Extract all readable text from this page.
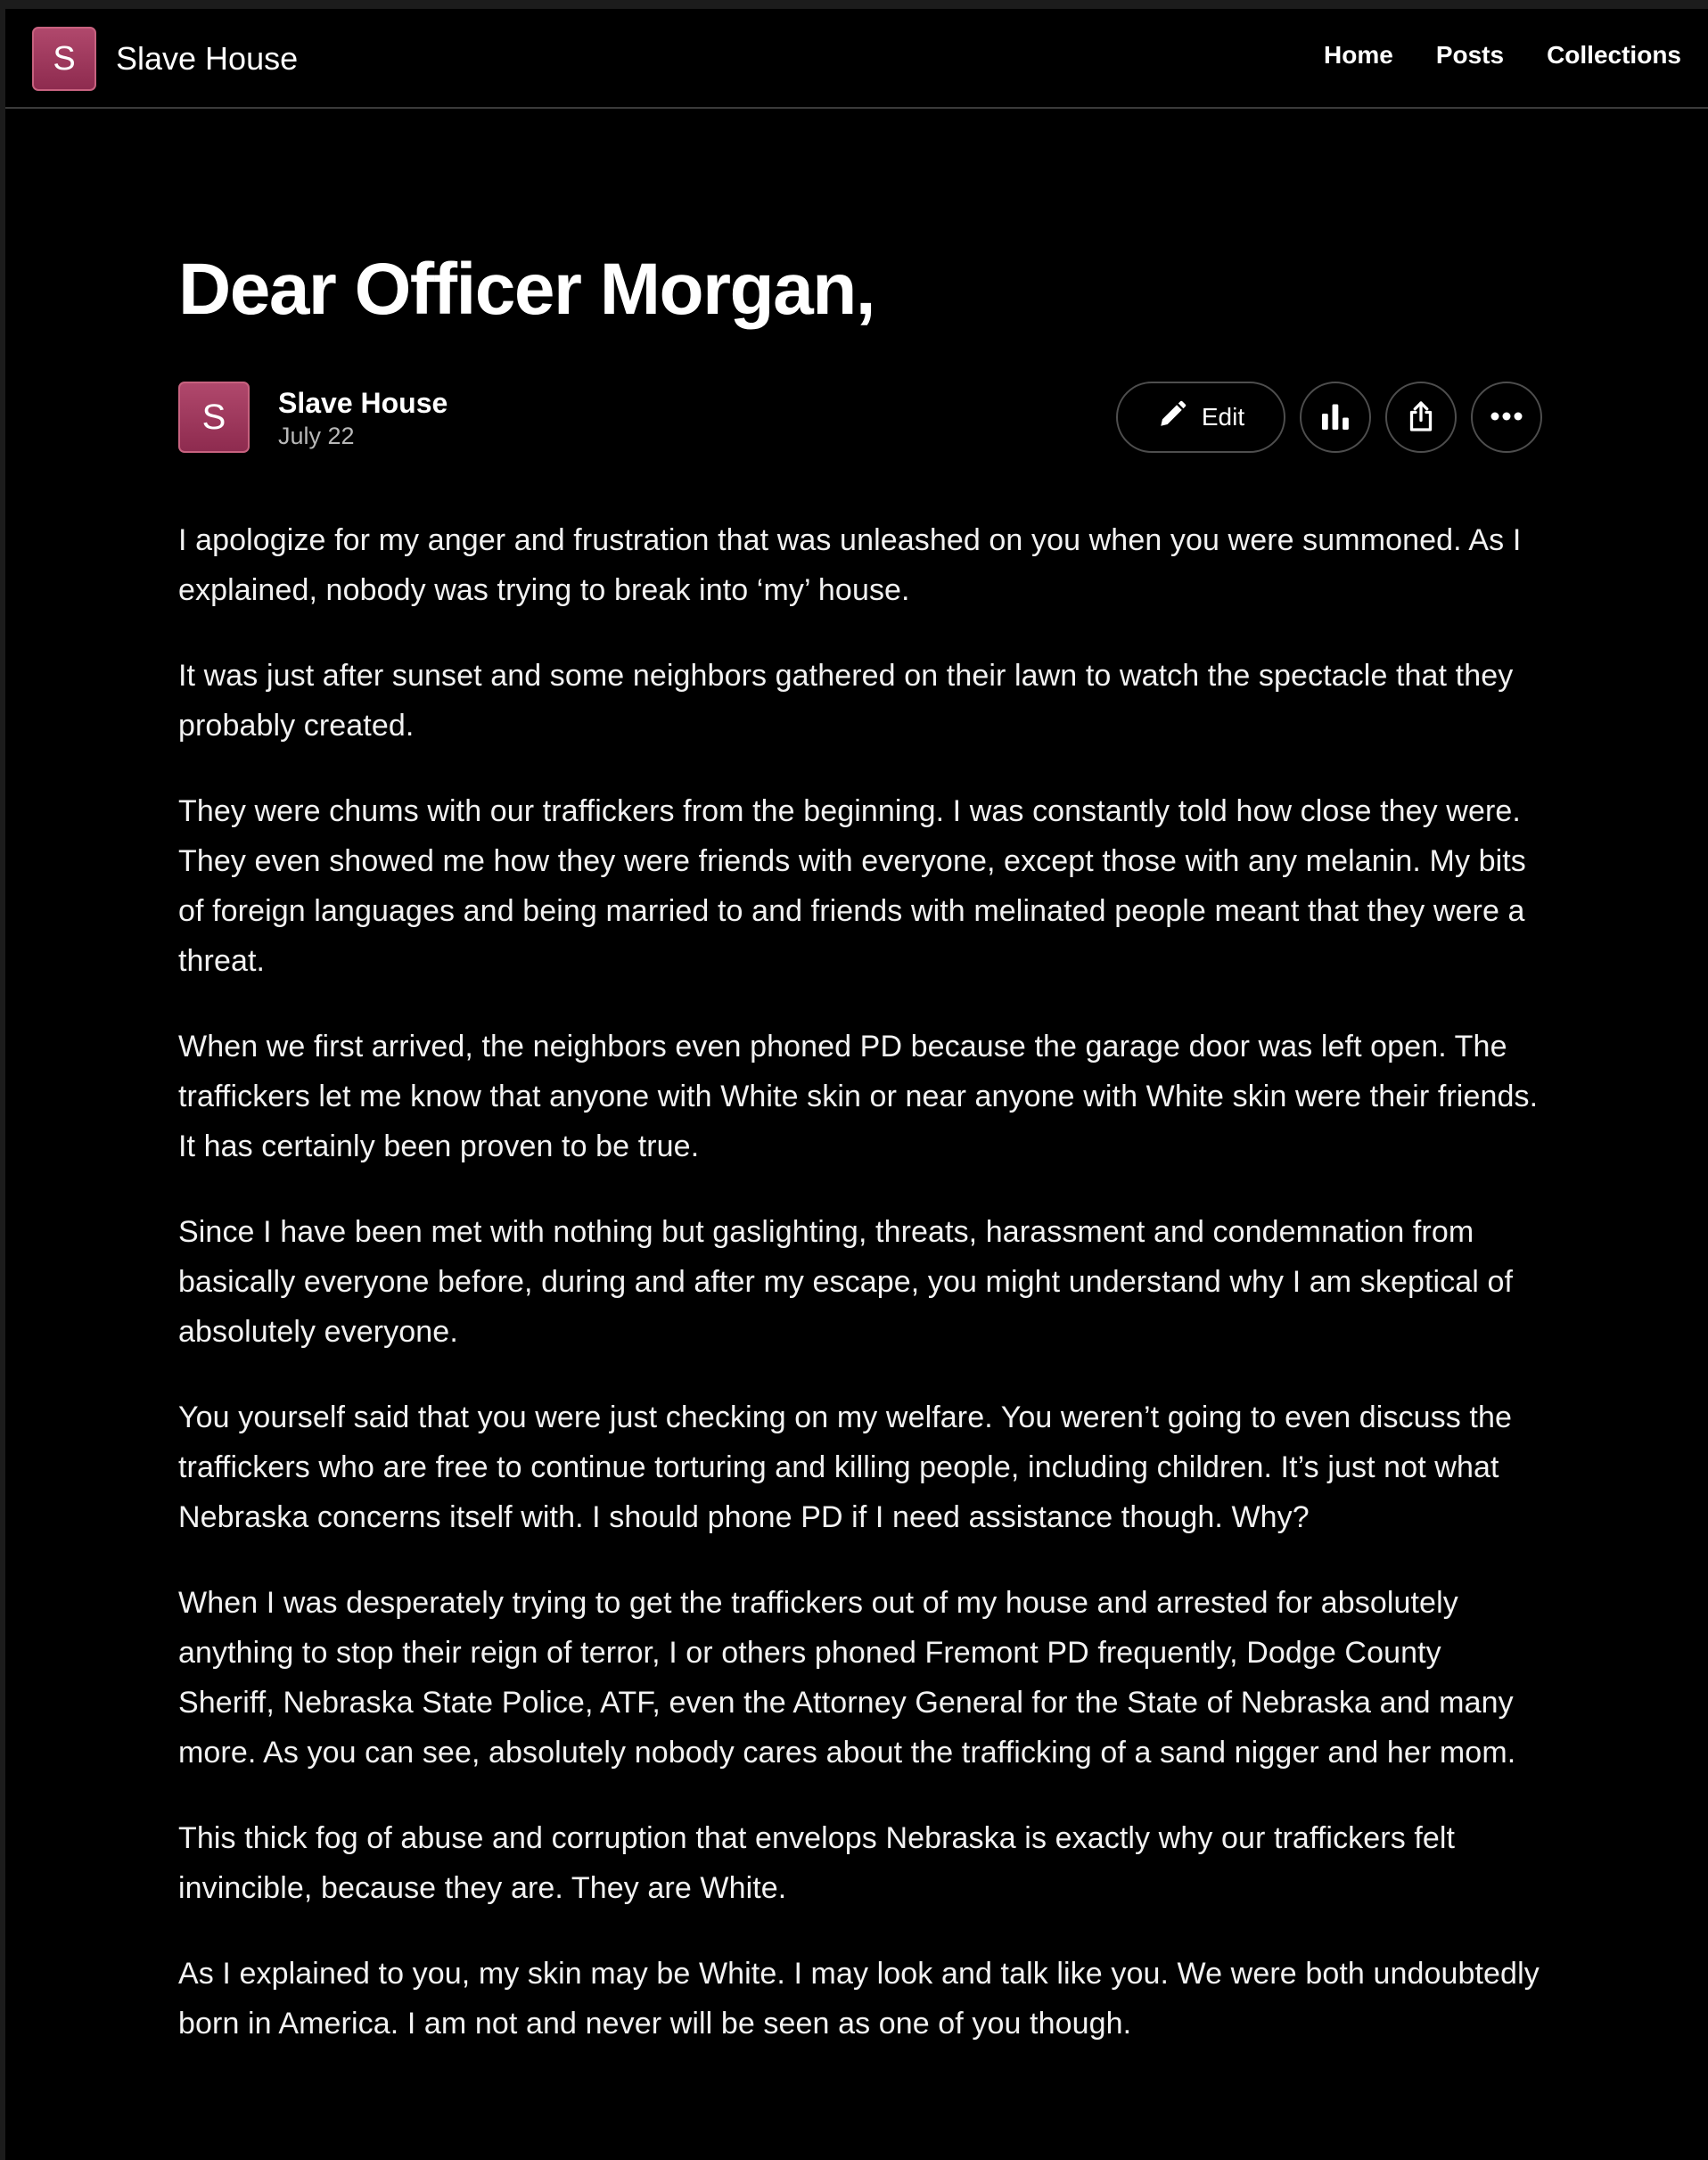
S	Slave House	Home Posts Collections
Dear Officer Morgan,
S	Slave House
July 22
Edit

I apologize for my anger and frustration that was unleashed on you when you were summoned. As I explained, nobody was trying to break into ‘my’ house.

It was just after sunset and some neighbors gathered on their lawn to watch the spectacle that they probably created.

They were chums with our traffickers from the beginning. I was constantly told how close they were. They even showed me how they were friends with everyone, except those with any melanin. My bits of foreign languages and being married to and friends with melinated people meant that they were a threat.

When we first arrived, the neighbors even phoned PD because the garage door was left open. The traffickers let me know that anyone with White skin or near anyone with White skin were their friends. It has certainly been proven to be true.

Since I have been met with nothing but gaslighting, threats, harassment and condemnation from basically everyone before, during and after my escape, you might understand why I am skeptical of absolutely everyone.

You yourself said that you were just checking on my welfare. You weren’t going to even discuss the traffickers who are free to continue torturing and killing people, including children. It’s just not what Nebraska concerns itself with. I should phone PD if I need assistance though. Why?

When I was desperately trying to get the traffickers out of my house and arrested for absolutely anything to stop their reign of terror, I or others phoned Fremont PD frequently, Dodge County Sheriff, Nebraska State Police, ATF, even the Attorney General for the State of Nebraska and many more. As you can see, absolutely nobody cares about the trafficking of a sand nigger and her mom.

This thick fog of abuse and corruption that envelops Nebraska is exactly why our traffickers felt invincible, because they are. They are White.

As I explained to you, my skin may be White. I may look and talk like you. We were both undoubtedly born in America. I am not and never will be seen as one of you though.
